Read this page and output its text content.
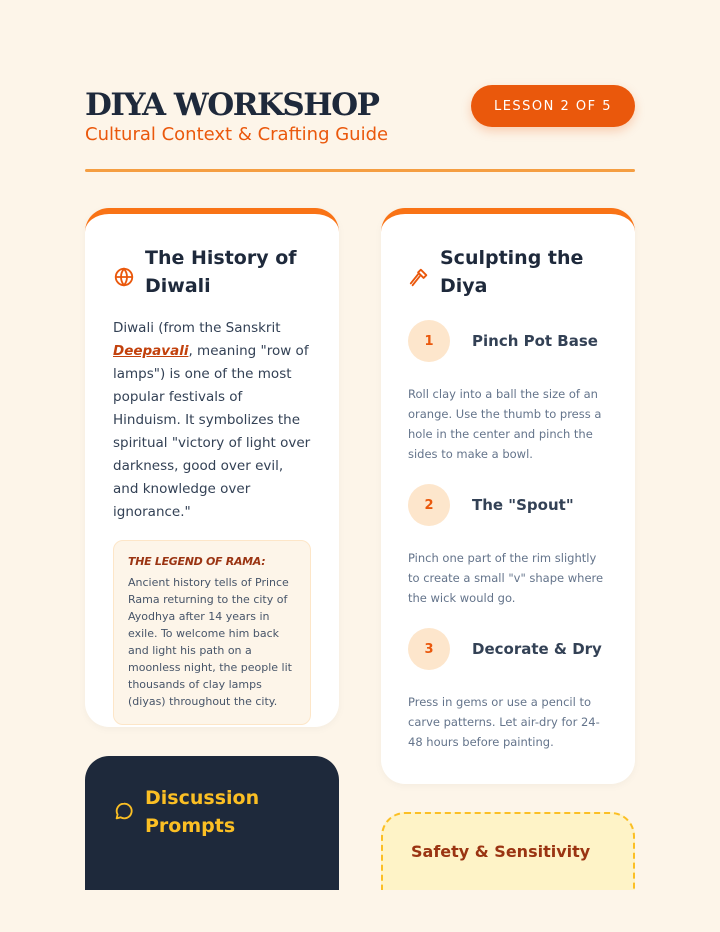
DIYA WORKSHOP
Cultural Context & Crafting Guide
LESSON 2 OF 5
The History of Diwali

Diwali (from the Sanskrit Deepavali, meaning "row of lamps") is one of the most popular festivals of Hinduism. It symbolizes the spiritual "victory of light over darkness, good over evil, and knowledge over ignorance."

THE LEGEND OF RAMA:
Ancient history tells of Prince Rama returning to the city of Ayodhya after 14 years in exile. To welcome him back and light his path on a moonless night, the people lit thousands of clay lamps (diyas) throughout the city.
Sculpting the Diya
1	Pinch Pot Base

Roll clay into a ball the size of an orange. Use the thumb to press a hole in the center and pinch the sides to make a bowl.

2	The "Spout"

Pinch one part of the rim slightly to create a small "v" shape where the wick would go.

3	Decorate & Dry

Press in gems or use a pencil to carve patterns. Let air-dry for 24-48 hours before painting.

Discussion Prompts
Safety & Sensitivity
